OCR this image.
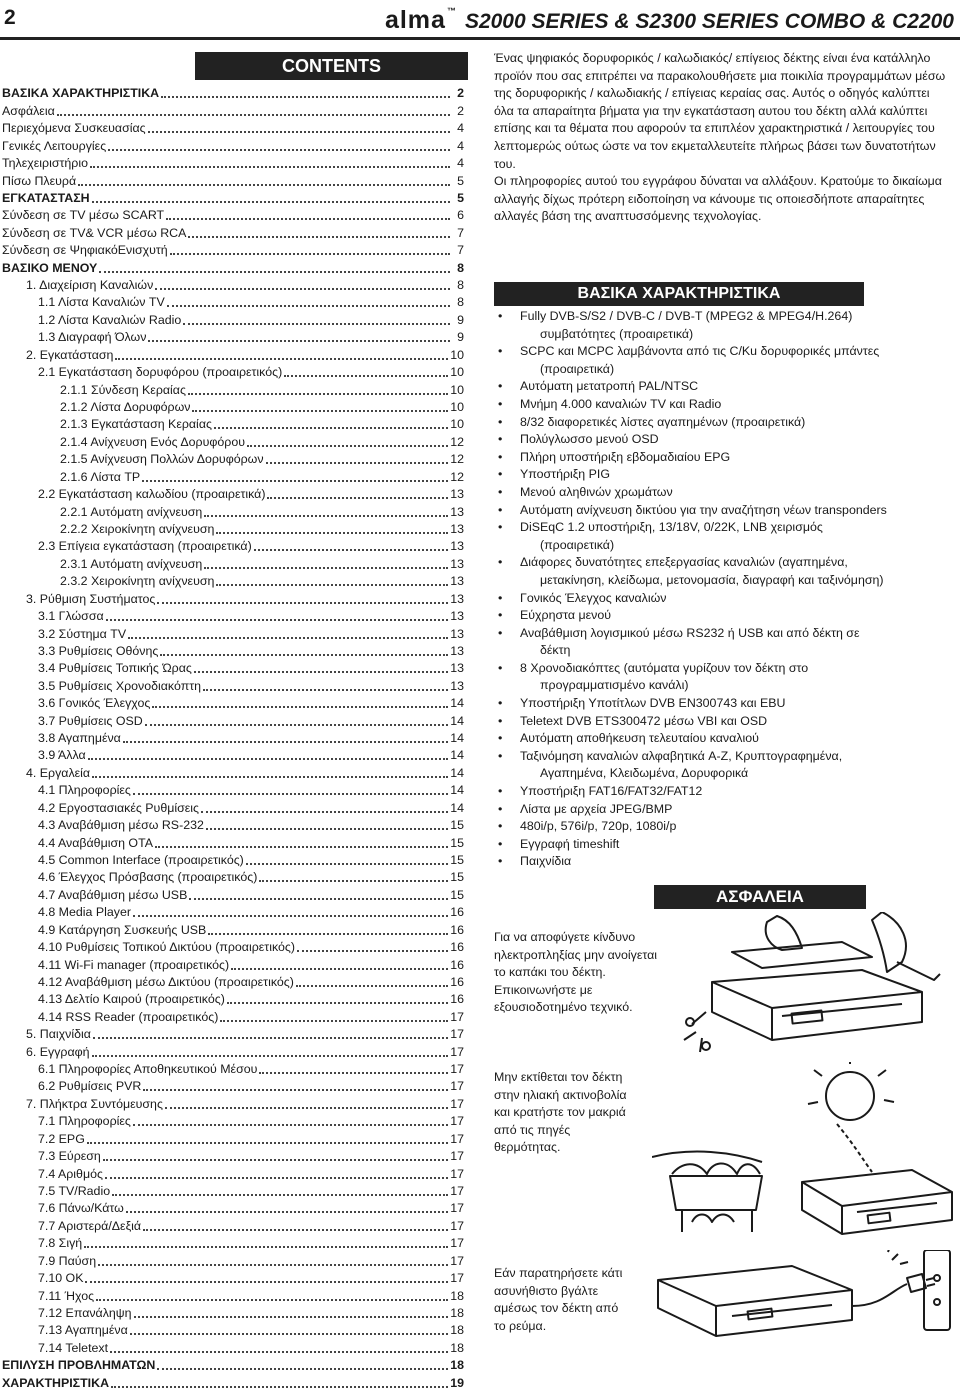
2	alma™ S2000 SERIES & S2300 SERIES COMBO & C2200
CONTENTS
ΒΑΣΙΚΑ ΧΑΡΑΚΤΗΡΙΣΤΙΚΑ	2
Ασφάλεια	2
Περιεχόμενα Συσκευασίας	4
Γενικές Λειτουργίες	4
Τηλεχειριστήριο	4
Πίσω Πλευρά	5
ΕΓΚΑΤΑΣΤΑΣΗ	5
Σύνδεση σε TV μέσω SCART	6
Σύνδεση σε TV& VCR μέσω RCA	7
Σύνδεση σε ΨηφιακόΕνισχυτή	7
ΒΑΣΙΚΟ ΜΕΝΟΥ	8
1. Διαχείριση Καναλιών	8
1.1 Λίστα Καναλιών TV	8
1.2 Λίστα Καναλιών Radio	9
1.3 Διαγραφή Όλων	9
2. Εγκατάσταση	10
2.1 Εγκατάσταση δορυφόρου (προαιρετικός)	10
2.1.1 Σύνδεση Κεραίας	10
2.1.2 Λίστα Δορυφόρων	10
2.1.3 Εγκατάσταση Κεραίας	10
2.1.4 Ανίχνευση Ενός Δορυφόρου	12
2.1.5 Ανίχνευση Πολλών Δορυφόρων	12
2.1.6 Λίστα TP	12
2.2 Εγκατάσταση καλωδίου (προαιρετικά)	13
2.2.1 Αυτόματη ανίχνευση	13
2.2.2 Χειροκίνητη ανίχνευση	13
2.3 Επίγεια εγκατάσταση (προαιρετικά)	13
2.3.1 Αυτόματη ανίχνευση	13
2.3.2 Χειροκίνητη ανίχνευση	13
3. Ρύθμιση Συστήματος	13
3.1 Γλώσσα	13
3.2 Σύστημα TV	13
3.3 Ρυθμίσεις Οθόνης	13
3.4 Ρυθμίσεις Τοπικής Ώρας	13
3.5 Ρυθμίσεις Χρονοδιακόπτη	13
3.6 Γονικός Έλεγχος	14
3.7 Ρυθμίσεις OSD	14
3.8 Αγαπημένα	14
3.9 Άλλα	14
4. Εργαλεία	14
4.1 Πληροφορίες	14
4.2 Εργοστασιακές Ρυθμίσεις	14
4.3 Αναβάθμιση μέσω RS-232	15
4.4 Αναβάθμιση OTA	15
4.5 Common Interface (προαιρετικός)	15
4.6 Έλεγχος Πρόσβασης (προαιρετικός)	15
4.7 Αναβάθμιση μέσω USB	15
4.8 Media Player	16
4.9 Κατάργηση Συσκευής USB	16
4.10 Ρυθμίσεις Τοπικού Δικτύου (προαιρετικός)	16
4.11 Wi-Fi manager (προαιρετικός)	16
4.12 Αναβάθμιση μέσω Δικτύου (προαιρετικός)	16
4.13 Δελτίο Καιρού (προαιρετικός)	16
4.14 RSS Reader (προαιρετικός)	17
5. Παιχνίδια	17
6. Εγγραφή	17
6.1 Πληροφορίες Αποθηκευτικού Μέσου	17
6.2 Ρυθμίσεις PVR	17
7. Πλήκτρα Συντόμευσης	17
7.1 Πληροφορίες	17
7.2 EPG	17
7.3 Εύρεση	17
7.4 Αριθμός	17
7.5 TV/Radio	17
7.6 Πάνω/Κάτω	17
7.7 Αριστερά/Δεξιά	17
7.8 Σιγή	17
7.9 Παύση	17
7.10 OK	17
7.11 Ήχος	18
7.12 Επανάληψη	18
7.13 Αγαπημένα	18
7.14 Teletext	18
ΕΠΙΛΥΣΗ ΠΡΟΒΛΗΜΑΤΩΝ	18
ΧΑΡΑΚΤΗΡΙΣΤΙΚΑ	19

Ένας ψηφιακός δορυφορικός / καλωδιακός/ επίγειος δέκτης είναι ένα κατάλληλο προϊόν που σας επιτρέπει να παρακολουθήσετε μια ποικιλία προγραμμάτων μέσω της δορυφορικής / καλωδιακής / επίγειας κεραίας σας. Αυτός ο οδηγός καλύπτει όλα τα απαραίτητα βήματα για την εγκατάσταση αυτου του δέκτη αλλά καλύπτει επίσης και τα θέματα που αφορούν τα επιπλέον χαρακτηριστικά / λειτουργίες του λεπτομερώς ούτως ώστε να τον εκμεταλλευτείτε πλήρως βάσει των δυνατοτήτων του.

Οι πληροφορίες αυτού του εγγράφου δύναται να αλλάξουν. Κρατούμε το δικαίωμα αλλαγής δίχως πρότερη ειδοποίηση να κάνουμε τις οποιεσδήποτε απαραίτητες αλλαγές βάση της αναπτυσσόμενης τεχνολογίας.

ΒΑΣΙΚΑ ΧΑΡΑΚΤΗΡΙΣΤΙΚΑ
• Fully DVB-S/S2 / DVB-C / DVB-T (MPEG2 & MPEG4/H.264)
συμβατότητες (προαιρετικά)
• SCPC και MCPC λαμβάνοντα από τις C/Ku δορυφορικές μπάντες
(προαιρετικά)
• Αυτόματη μετατροπή PAL/NTSC
• Μνήμη 4.000 καναλιών TV και Radio
• 8/32 διαφορετικές λίστες αγαπημένων (προαιρετικά)
• Πολύγλωσσο μενού OSD
• Πλήρη υποστήριξη εβδομαδιαίου EPG
• Υποστήριξη PIG
• Μενού αληθινών χρωμάτων
• Αυτόματη ανίχνευση δικτύου για την αναζήτηση νέων transponders
• DiSEqC 1.2 υποστήριξη, 13/18V, 0/22K, LNB χειρισμός
(προαιρετικά)
• Διάφορες δυνατότητες επεξεργασίας καναλιών (αγαπημένα,
μετακίνηση, κλείδωμα, μετονομασία, διαγραφή και ταξινόμηση)
• Γονικός Έλεγχος καναλιών
• Εύχρηστα μενού
• Αναβάθμιση λογισμικού μέσω RS232 ή USB και από δέκτη σε
δέκτη
• 8 Χρονοδιακόπτες (αυτόματα γυρίζουν τον δέκτη στο
προγραμματισμένο κανάλι)
• Υποστήριξη Υποτίτλων DVB EN300743 και EBU
• Teletext DVB ETS300472 μέσω VBI και OSD
• Αυτόματη αποθήκευση τελευταίου καναλιού
• Ταξινόμηση καναλιών αλφαβητικά A-Z, Κρυπτογραφημένα,
Αγαπημένα, Κλειδωμένα, Δορυφορικά
• Υποστήριξη FAT16/FAT32/FAT12
• Λίστα με αρχεία JPEG/BMP
• 480i/p, 576i/p, 720p, 1080i/p
• Εγγραφή timeshift
• Παιχνίδια
ΑΣΦΑΛΕΙΑ
Για να αποφύγετε κίνδυνο ηλεκτροπληξίας μην ανοίγεται το καπάκι του δέκτη. Επικοινωνήστε με εξουσιοδοτημένο τεχνικό.
Μην εκτίθεται τον δέκτη στην ηλιακή ακτινοβολία και κρατήστε τον μακριά από τις πηγές θερμότητας.
Εάν παρατηρήσετε κάτι ασυνήθιστο βγάλτε αμέσως τον δέκτη από το ρεύμα.
